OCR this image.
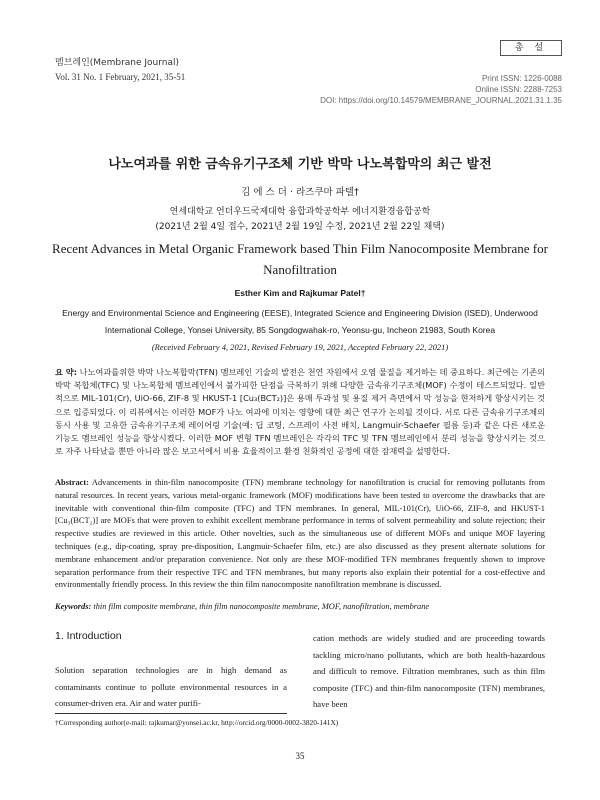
멤브레인(Membrane Journal)
Vol. 31 No. 1 February, 2021, 35-51
총 설
Print ISSN: 1226-0088
Online ISSN: 2288-7253
DOI: https://doi.org/10.14579/MEMBRANE_JOURNAL.2021.31.1.35
나노여과를 위한 금속유기구조체 기반 박막 나노복합막의 최근 발전
김 에 스 더 · 라즈쿠마 파텔†
연세대학교 언더우드국제대학 융합과학공학부 에너지환경융합공학
(2021년 2월 4일 접수, 2021년 2월 19일 수정, 2021년 2월 22일 채택)
Recent Advances in Metal Organic Framework based Thin Film Nanocomposite Membrane for Nanofiltration
Esther Kim and Rajkumar Patel†
Energy and Environmental Science and Engineering (EESE), Integrated Science and Engineering Division (ISED), Underwood International College, Yonsei University, 85 Songdogwahak-ro, Yeonsu-gu, Incheon 21983, South Korea
(Received February 4, 2021, Revised February 19, 2021, Accepted February 22, 2021)
요 약: 나노여과를위한 박막 나노복합막(TFN) 멤브레인 기술의 발전은 천연 자원에서 오염 물질을 제거하는 데 중요하다. 최근에는 기존의 박막 복합체(TFC) 및 나노복합체 멤브레인에서 불가피한 단점을 극복하기 위해 다양한 금속유기구조체(MOF) 수정이 테스트되었다. 일반적으로 MIL-101(Cr), UiO-66, ZIF-8 및 HKUST-1 [Cu₃(BCT₂)]은 용매 투과성 및 용질 제거 측면에서 막 성능을 현저하게 향상시키는 것으로 입증되었다. 이 리뷰에서는 이러한 MOF가 나노 여과에 미치는 영향에 대한 최근 연구가 논의될 것이다. 서로 다른 금속유기구조체의 동시 사용 및 고유한 금속유기구조체 레이어링 기술(예: 딥 코팅, 스프레이 사전 배치, Langmuir-Schaefer 필름 등)과 같은 다른 새로운 기능도 멤브레인 성능을 향상시켰다. 이러한 MOF 변형 TFN 멤브레인은 각각의 TFC 및 TFN 멤브레인에서 분리 성능을 향상시키는 것으로 자주 나타났을 뿐만 아니라 많은 보고서에서 비용 효율적이고 환경 친화적인 공정에 대한 잠재력을 설명한다.
Abstract: Advancements in thin-film nanocomposite (TFN) membrane technology for nanofiltration is crucial for removing pollutants from natural resources. In recent years, various metal-organic framework (MOF) modifications have been tested to overcome the drawbacks that are inevitable with conventional thin-film composite (TFC) and TFN membranes. In general, MIL-101(Cr), UiO-66, ZIF-8, and HKUST-1 [Cu₃(BCT₂)] are MOFs that were proven to exhibit excellent membrane performance in terms of solvent permeability and solute rejection; their respective studies are reviewed in this article. Other novelties, such as the simultaneous use of different MOFs and unique MOF layering techniques (e.g., dip-coating, spray pre-disposition, Langmuir-Schaefer film, etc.) are also discussed as they present alternate solutions for membrane enhancement and/or preparation convenience. Not only are these MOF-modified TFN membranes frequently shown to improve separation performance from their respective TFC and TFN membranes, but many reports also explain their potential for a cost-effective and environmentally friendly process. In this review the thin film nanocomposite nanofiltration membrane is discussed.
Keywords: thin film composite membrane, thin film nanocomposite membrane, MOF, nanofiltration, membrane
1. Introduction
Solution separation technologies are in high demand as contaminants continue to pollute environmental resources in a consumer-driven era. Air and water purifi-
cation methods are widely studied and are proceeding towards tackling micro/nano pollutants, which are both health-hazardous and difficult to remove. Filtration membranes, such as thin film composite (TFC) and thin-film nanocomposite (TFN) membranes, have been
†Corresponding author(e-mail: rajkumar@yonsei.ac.kr, http://orcid.org/0000-0002-3820-141X)
35
